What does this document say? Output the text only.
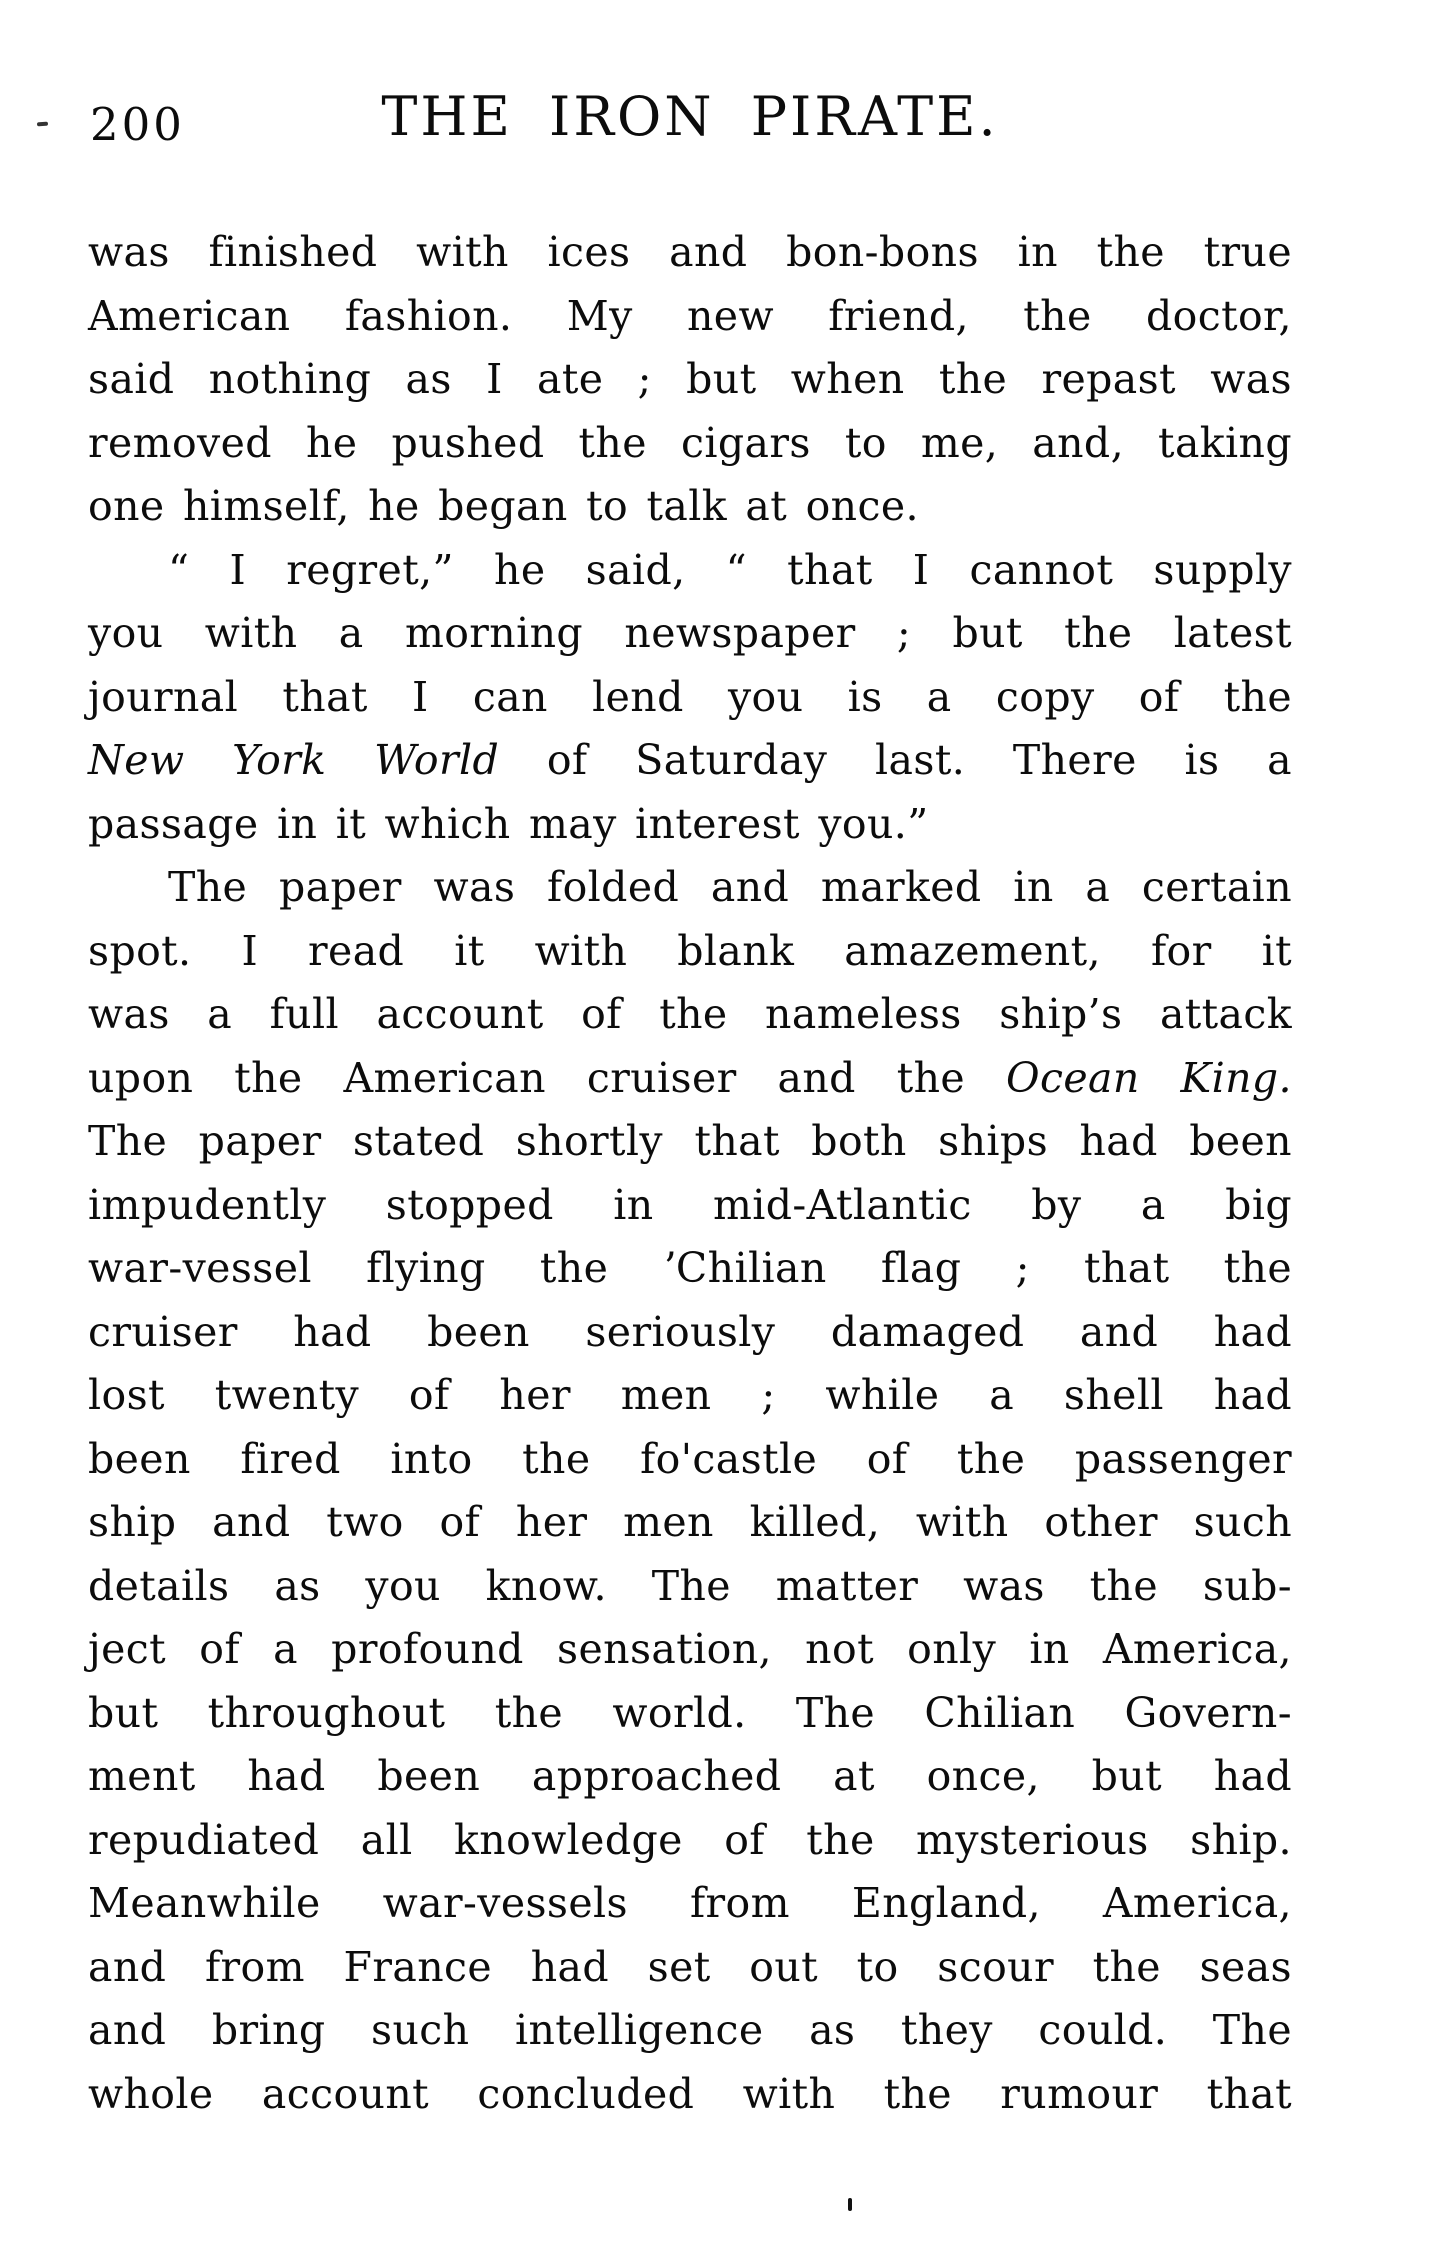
200	THE IRON PIRATE.
was finished with ices and bon-bons in the true
American fashion. My new friend, the doctor,
said nothing as I ate ; but when the repast was
removed he pushed the cigars to me, and, taking
one himself, he began to talk at once.
“ I regret,” he said, “ that I cannot supply
you with a morning newspaper ; but the latest
journal that I can lend you is a copy of the
New York World of Saturday last. There is a
passage in it which may interest you.”
The paper was folded and marked in a certain
spot. I read it with blank amazement, for it
was a full account of the nameless ship’s attack
upon the American cruiser and the Ocean King.
The paper stated shortly that both ships had been
impudently stopped in mid-Atlantic by a big
war-vessel flying the ʼChilian flag ; that the
cruiser had been seriously damaged and had
lost twenty of her men ; while a shell had
been fired into the fo'castle of the passenger
ship and two of her men killed, with other such
details as you know. The matter was the sub-
ject of a profound sensation, not only in America,
but throughout the world. The Chilian Govern-
ment had been approached at once, but had
repudiated all knowledge of the mysterious ship.
Meanwhile war-vessels from England, America,
and from France had set out to scour the seas
and bring such intelligence as they could. The
whole account concluded with the rumour that
